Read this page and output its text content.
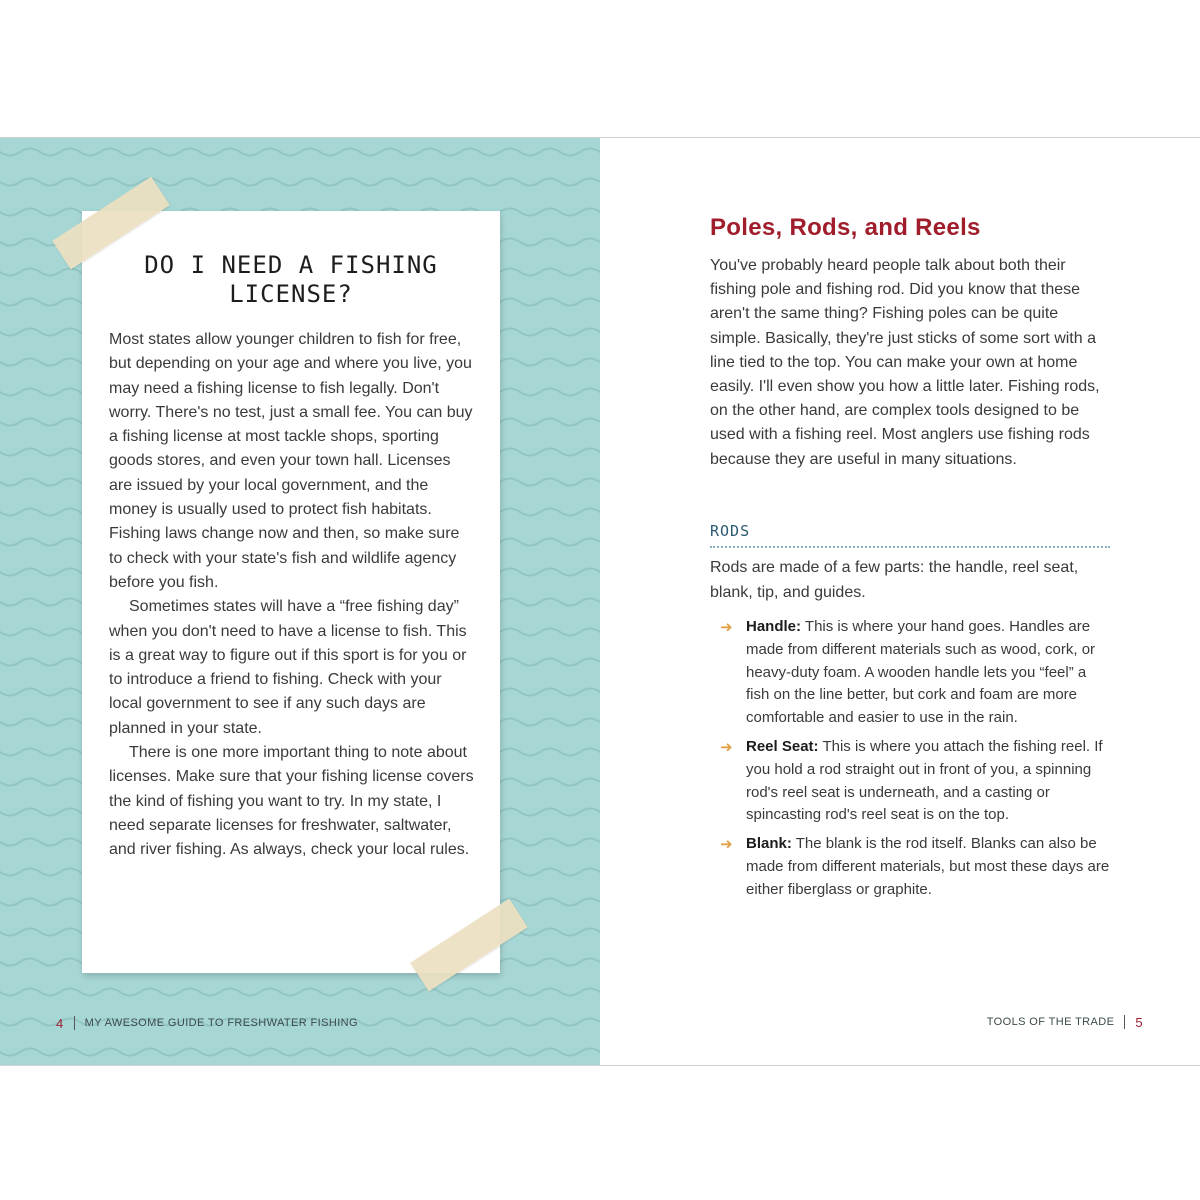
DO I NEED A FISHING
LICENSE?

Most states allow younger children to fish for free, but depending on your age and where you live, you may need a fishing license to fish legally. Don't worry. There's no test, just a small fee. You can buy a fishing license at most tackle shops, sporting goods stores, and even your town hall. Licenses are issued by your local government, and the money is usually used to protect fish habitats. Fishing laws change now and then, so make sure to check with your state's fish and wildlife agency before you fish.

Sometimes states will have a “free fishing day” when you don't need to have a license to fish. This is a great way to figure out if this sport is for you or to introduce a friend to fishing. Check with your local government to see if any such days are planned in your state.

There is one more important thing to note about licenses. Make sure that your fishing license covers the kind of fishing you want to try. In my state, I need separate licenses for freshwater, saltwater, and river fishing. As always, check your local rules.

4 MY AWESOME GUIDE TO FRESHWATER FISHING
Poles, Rods, and Reels

You've probably heard people talk about both their fishing pole and fishing rod. Did you know that these aren't the same thing? Fishing poles can be quite simple. Basically, they're just sticks of some sort with a line tied to the top. You can make your own at home easily. I'll even show you how a little later. Fishing rods, on the other hand, are complex tools designed to be used with a fishing reel. Most anglers use fishing rods because they are useful in many situations.

RODS

Rods are made of a few parts: the handle, reel seat, blank, tip, and guides.

➜ Handle: This is where your hand goes. Handles are made from different materials such as wood, cork, or heavy-duty foam. A wooden handle lets you “feel” a fish on the line better, but cork and foam are more comfortable and easier to use in the rain.
➜ Reel Seat: This is where you attach the fishing reel. If you hold a rod straight out in front of you, a spinning rod's reel seat is underneath, and a casting or spincasting rod's reel seat is on the top.
➜ Blank: The blank is the rod itself. Blanks can also be made from different materials, but most these days are either fiberglass or graphite.
TOOLS OF THE TRADE 5
